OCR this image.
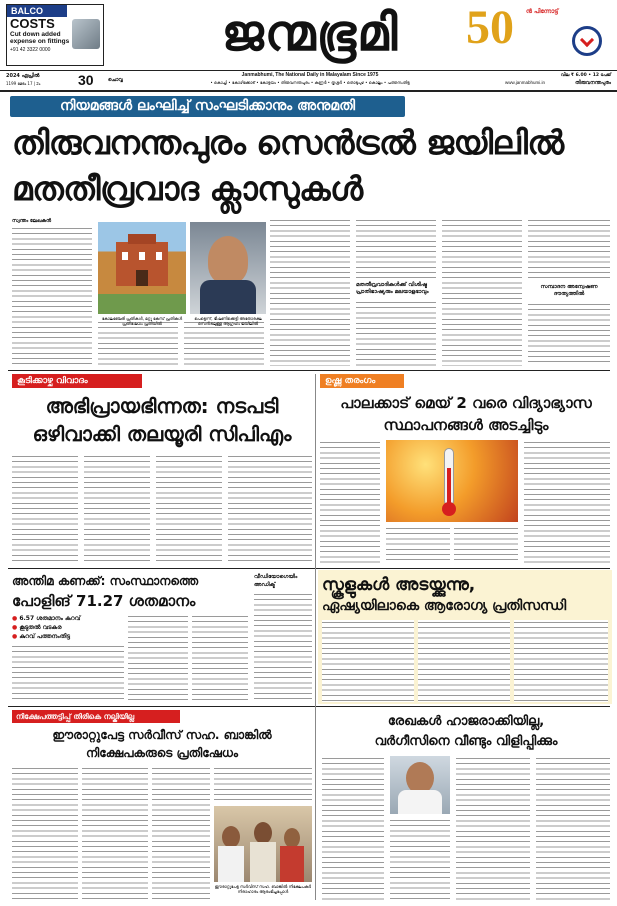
BALCO
COSTS
Cut down added
expense on fittings
+91 42 3322 0000	ജന്മഭൂമി	50 ൻ പിന്നോട്ട്
2024 ഏപ്രിൽ
1199 മേടം 17 | 2ം	30	ചൊവ്വ
Janmabhumi, The National Daily in Malayalam Since 1975
• കൊച്ചി • കോഴിക്കോട് • കോട്ടയം • തിരുവനന്തപുരം • കണ്ണൂർ • തൃശ്ശൂർ • തൊടുപുഴ • കൊല്ലം • പത്തനംതിട്ട
വില ₹ 6.00 • 12 പേജ്
www.janmabhumi.in	തിരുവനന്തപുരം
നിയമങ്ങൾ ലംഘിച്ച് സംഘടിക്കാനും അനുമതി
തിരുവനന്തപുരം സെൻട്രൽ ജയിലിൽ
മതതീവ്രവാദ ക്ലാസുകൾ
സ്വന്തം ലേഖകൻ
മതതീവ്രവാദികൾക്ക് വിശിഷ്ട പ്രാതിഭാഷ്യരും മലയാളഭാവും
സമ്പാദന അന്വേഷണ ദൗത്യത്തിൽ
കോലഞ്ചേരി പ്രതികൾ, മറ്റു കേസ് പ്രതികൾ പ്രതിഷേധം പ്രതിയിൽ
പെട്ടെന്ന്, ഭീഷണിക്കെട്ടി അതോരക്ഷ സെൻട്രലുള്ള ആഗ്രഹം ജയിലിൽ
കൂടിക്കാഴ്ച വിവാദം
അഭിപ്രായഭിന്നത: നടപടി
ഒഴിവാക്കി തലയൂരി സിപിഎം
ഉഷ്ണ തരംഗം
പാലക്കാട് മെയ് 2 വരെ വിദ്യാഭ്യാസ
സ്ഥാപനങ്ങൾ അടച്ചിടും
അന്തിമ കണക്ക്: സംസ്ഥാനത്തെ
പോളിങ് 71.27 ശതമാനം
● 6.57 ശതമാനം കുറവ്
● കൂടുതൽ വടകര
● കുറവ് പത്തനംതിട്ട
വീഡിയോഗെയിം
അഡിക്ട്	സ്കൂളുകൾ അടയ്ക്കുന്നു,
ഏഷ്യയിലാകെ ആരോഗ്യ പ്രതിസന്ധി
നിക്ഷേപത്തട്ടിപ്പ് തിരികെ നല്കിയില്ല
ഈരാറ്റുപേട്ട സർവീസ് സഹ. ബാങ്കിൽ
നിക്ഷേപകരുടെ പ്രതിഷേധം
ഈരാറ്റുപേട്ട സർവീസ് സഹ. ബാങ്കിൽ നിക്ഷേപകർ നിരാഹാരം ആരംഭിച്ചപ്പോൾ
രേഖകൾ ഹാജരാക്കിയില്ല,
വർഗീസിനെ വീണ്ടും വിളിപ്പിക്കും
